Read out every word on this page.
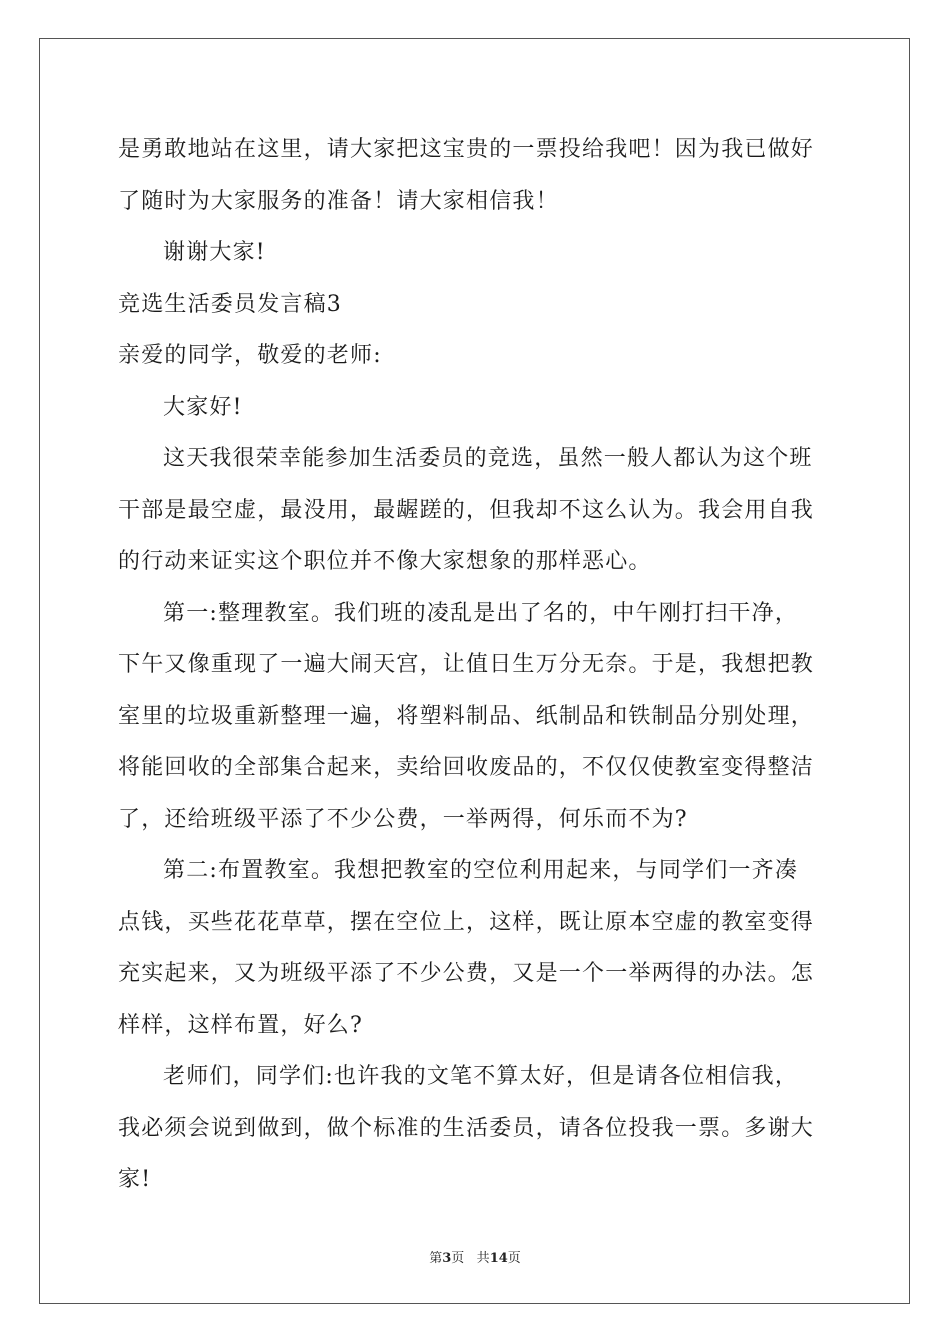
是勇敢地站在这里，请大家把这宝贵的一票投给我吧！因为我已做好
了随时为大家服务的准备！请大家相信我！
谢谢大家!
竞选生活委员发言稿3
亲爱的同学，敬爱的老师:
大家好!
这天我很荣幸能参加生活委员的竞选，虽然一般人都认为这个班
干部是最空虚，最没用，最龌蹉的，但我却不这么认为。我会用自我
的行动来证实这个职位并不像大家想象的那样恶心。
第一:整理教室。我们班的凌乱是出了名的，中午刚打扫干净，
下午又像重现了一遍大闹天宫，让值日生万分无奈。于是，我想把教
室里的垃圾重新整理一遍，将塑料制品、纸制品和铁制品分别处理，
将能回收的全部集合起来，卖给回收废品的，不仅仅使教室变得整洁
了，还给班级平添了不少公费，一举两得，何乐而不为?
第二:布置教室。我想把教室的空位利用起来，与同学们一齐凑
点钱，买些花花草草，摆在空位上，这样，既让原本空虚的教室变得
充实起来，又为班级平添了不少公费，又是一个一举两得的办法。怎
样样，这样布置，好么?
老师们，同学们:也许我的文笔不算太好，但是请各位相信我，
我必须会说到做到，做个标准的生活委员，请各位投我一票。多谢大
家!
第3页 共14页
